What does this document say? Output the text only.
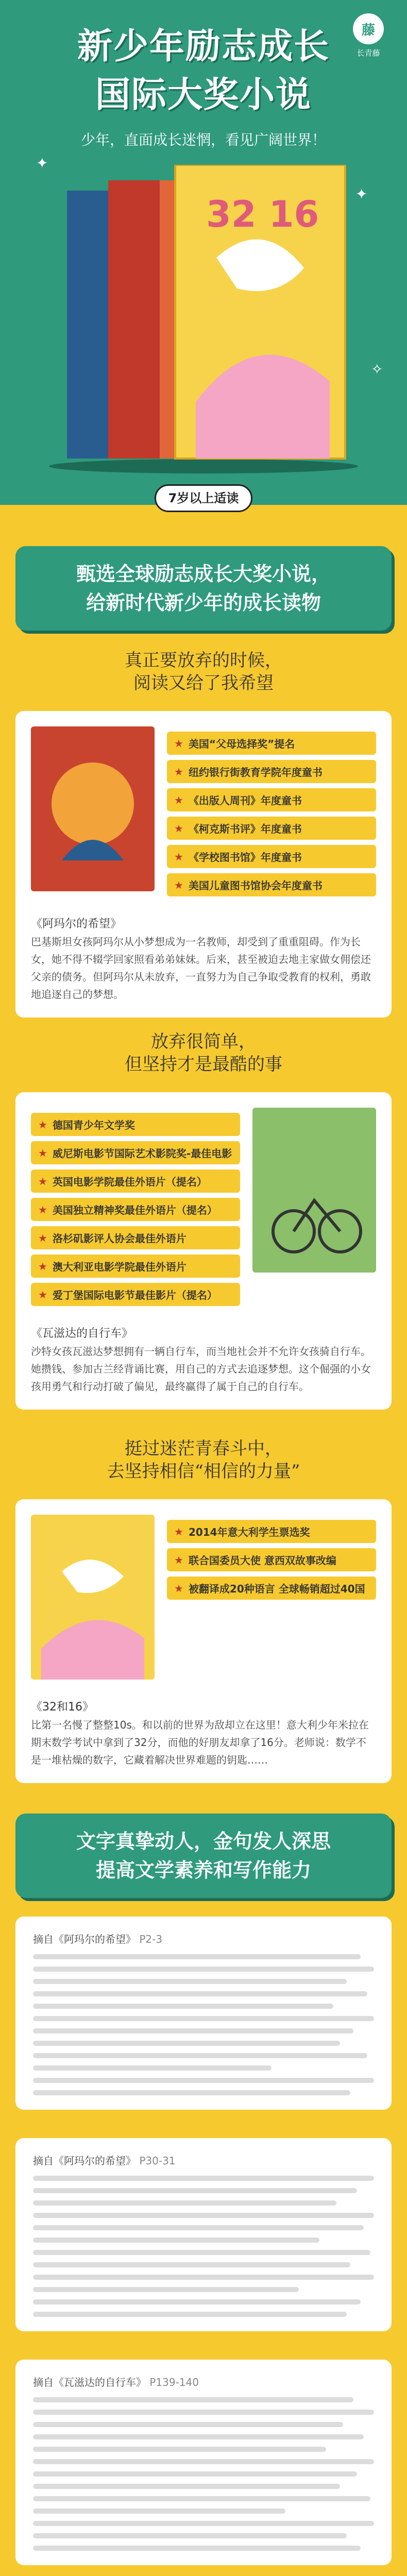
藤
长青藤
新少年励志成长
国际大奖小说
少年，直面成长迷惘，看见广阔世界！
✦
✦
✧
32 16
7岁以上适读
甄选全球励志成长大奖小说，
给新时代新少年的成长读物
真正要放弃的时候，
阅读又给了我希望
★ 美国“父母选择奖”提名
★ 纽约银行街教育学院年度童书
★ 《出版人周刊》年度童书
★ 《柯克斯书评》年度童书
★ 《学校图书馆》年度童书
★ 美国儿童图书馆协会年度童书
《阿玛尔的希望》
巴基斯坦女孩阿玛尔从小梦想成为一名教师，却受到了重重阻碍。作为长女，她不得不辍学回家照看弟弟妹妹。后来，甚至被迫去地主家做女佣偿还父亲的债务。但阿玛尔从未放弃，一直努力为自己争取受教育的权利，勇敢地追逐自己的梦想。
放弃很简单，
但坚持才是最酷的事
★ 德国青少年文学奖
★ 威尼斯电影节国际艺术影院奖-最佳电影
★ 英国电影学院最佳外语片（提名）
★ 美国独立精神奖最佳外语片（提名）
★ 洛杉矶影评人协会最佳外语片
★ 澳大利亚电影学院最佳外语片
★ 爱丁堡国际电影节最佳影片（提名）
《瓦滋达的自行车》
沙特女孩瓦滋达梦想拥有一辆自行车，而当地社会并不允许女孩骑自行车。她攒钱、参加古兰经背诵比赛，用自己的方式去追逐梦想。这个倔强的小女孩用勇气和行动打破了偏见，最终赢得了属于自己的自行车。
挺过迷茫青春斗中，
去坚持相信“相信的力量”
★ 2014年意大利学生票选奖
★ 联合国委员大使 意西双故事改编
★ 被翻译成20种语言 全球畅销超过40国
《32和16》
比第一名慢了整整10s。和以前的世界为敌却立在这里！意大利少年米拉在期末数学考试中拿到了32分，而他的好朋友却拿了16分。老师说：数学不是一堆枯燥的数字，它藏着解决世界难题的钥匙……
文字真挚动人，金句发人深思
提高文学素养和写作能力
摘自《阿玛尔的希望》 P2-3
摘自《阿玛尔的希望》 P30-31
摘自《瓦滋达的自行车》 P139-140
